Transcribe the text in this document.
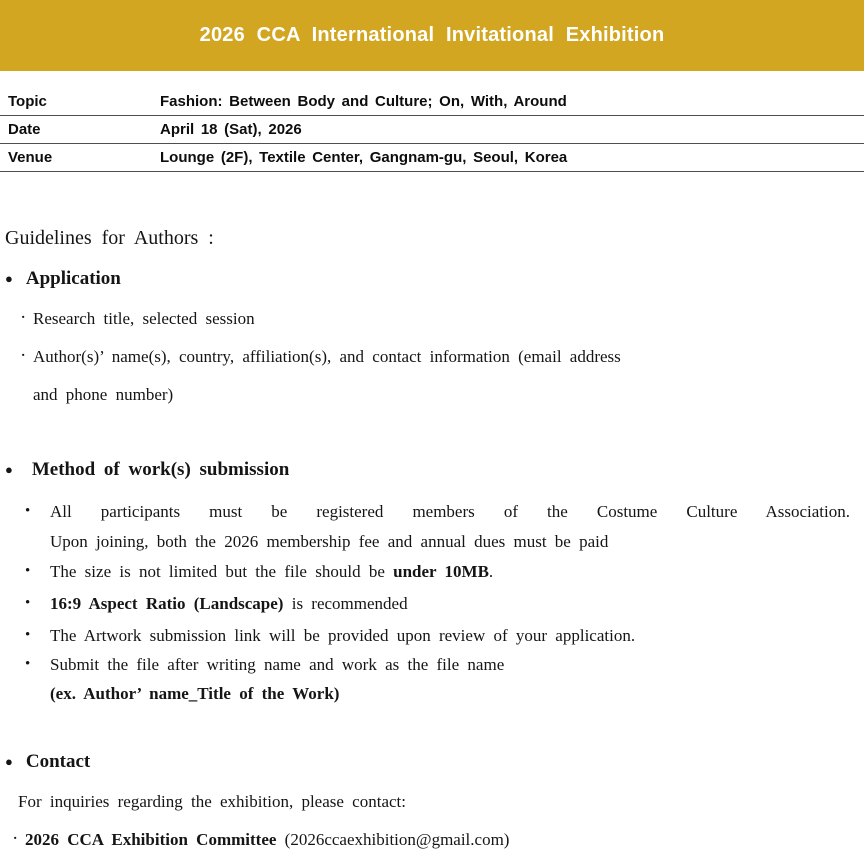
2026 CCA International Invitational Exhibition
Topic	Fashion: Between Body and Culture; On, With, Around
Date	April 18 (Sat), 2026
Venue	Lounge (2F), Textile Center, Gangnam-gu, Seoul, Korea
Guidelines for Authors :
● Application
· Research title, selected session
· Author(s)’ name(s), country, affiliation(s), and contact information (email address
and phone number)
● Method of work(s) submission
• All participants must be registered members of the Costume Culture Association.
Upon joining, both the 2026 membership fee and annual dues must be paid
• The size is not limited but the file should be under 10MB.
• 16:9 Aspect Ratio (Landscape) is recommended
• The Artwork submission link will be provided upon review of your application.
• Submit the file after writing name and work as the file name
(ex. Author’ name_Title of the Work)
● Contact
For inquiries regarding the exhibition, please contact:
· 2026 CCA Exhibition Committee (2026ccaexhibition@gmail.com)
